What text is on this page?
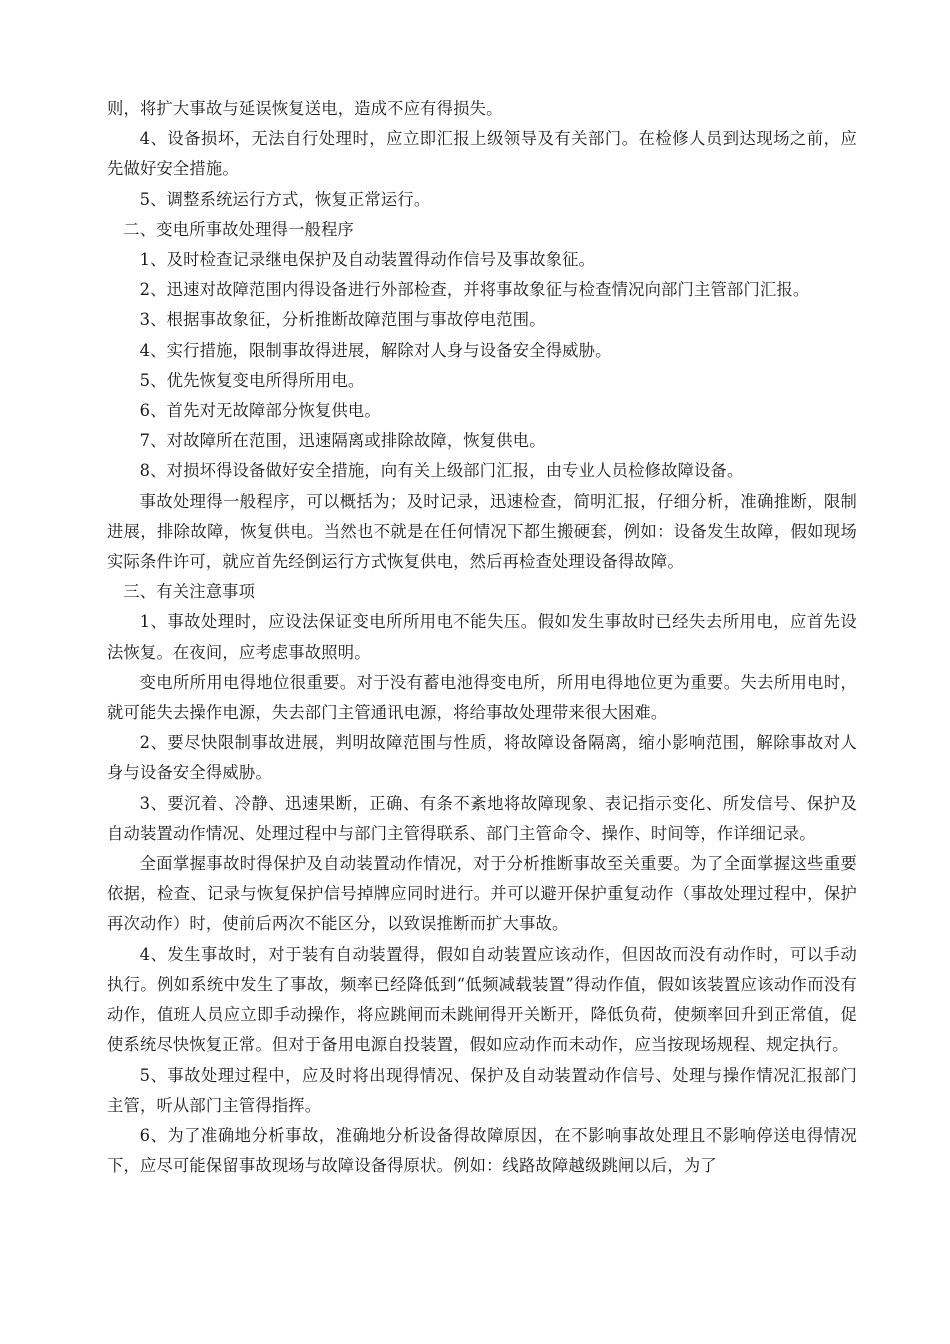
则，将扩大事故与延误恢复送电，造成不应有得损失。

4、设备损坏，无法自行处理时，应立即汇报上级领导及有关部门。在检修人员到达现场之前，应先做好安全措施。

5、调整系统运行方式，恢复正常运行。

二、变电所事故处理得一般程序

1、及时检查记录继电保护及自动装置得动作信号及事故象征。

2、迅速对故障范围内得设备进行外部检查，并将事故象征与检查情况向部门主管部门汇报。

3、根据事故象征，分析推断故障范围与事故停电范围。

4、实行措施，限制事故得进展，解除对人身与设备安全得威胁。

5、优先恢复变电所得所用电。

6、首先对无故障部分恢复供电。

7、对故障所在范围，迅速隔离或排除故障，恢复供电。

8、对损坏得设备做好安全措施，向有关上级部门汇报，由专业人员检修故障设备。

事故处理得一般程序，可以概括为；及时记录，迅速检查，简明汇报，仔细分析，准确推断，限制进展，排除故障，恢复供电。当然也不就是在任何情况下都生搬硬套，例如：设备发生故障，假如现场实际条件许可，就应首先经倒运行方式恢复供电，然后再检查处理设备得故障。

三、有关注意事项

1、事故处理时，应设法保证变电所所用电不能失压。假如发生事故时已经失去所用电，应首先设法恢复。在夜间，应考虑事故照明。

变电所所用电得地位很重要。对于没有蓄电池得变电所，所用电得地位更为重要。失去所用电时，就可能失去操作电源，失去部门主管通讯电源，将给事故处理带来很大困难。

2、要尽快限制事故进展，判明故障范围与性质，将故障设备隔离，缩小影响范围，解除事故对人身与设备安全得威胁。

3、要沉着、冷静、迅速果断，正确、有条不紊地将故障现象、表记指示变化、所发信号、保护及自动装置动作情况、处理过程中与部门主管得联系、部门主管命令、操作、时间等，作详细记录。

全面掌握事故时得保护及自动装置动作情况，对于分析推断事故至关重要。为了全面掌握这些重要依据，检查、记录与恢复保护信号掉牌应同时进行。并可以避开保护重复动作（事故处理过程中，保护再次动作）时，使前后两次不能区分，以致误推断而扩大事故。

4、发生事故时，对于装有自动装置得，假如自动装置应该动作，但因故而没有动作时，可以手动执行。例如系统中发生了事故，频率已经降低到“低频减载装置”得动作值，假如该装置应该动作而没有动作，值班人员应立即手动操作，将应跳闸而未跳闸得开关断开，降低负荷，使频率回升到正常值，促使系统尽快恢复正常。但对于备用电源自投装置，假如应动作而未动作，应当按现场规程、规定执行。

5、事故处理过程中，应及时将出现得情况、保护及自动装置动作信号、处理与操作情况汇报部门主管，听从部门主管得指挥。

6、为了准确地分析事故，准确地分析设备得故障原因，在不影响事故处理且不影响停送电得情况下，应尽可能保留事故现场与故障设备得原状。例如：线路故障越级跳闸以后，为了
